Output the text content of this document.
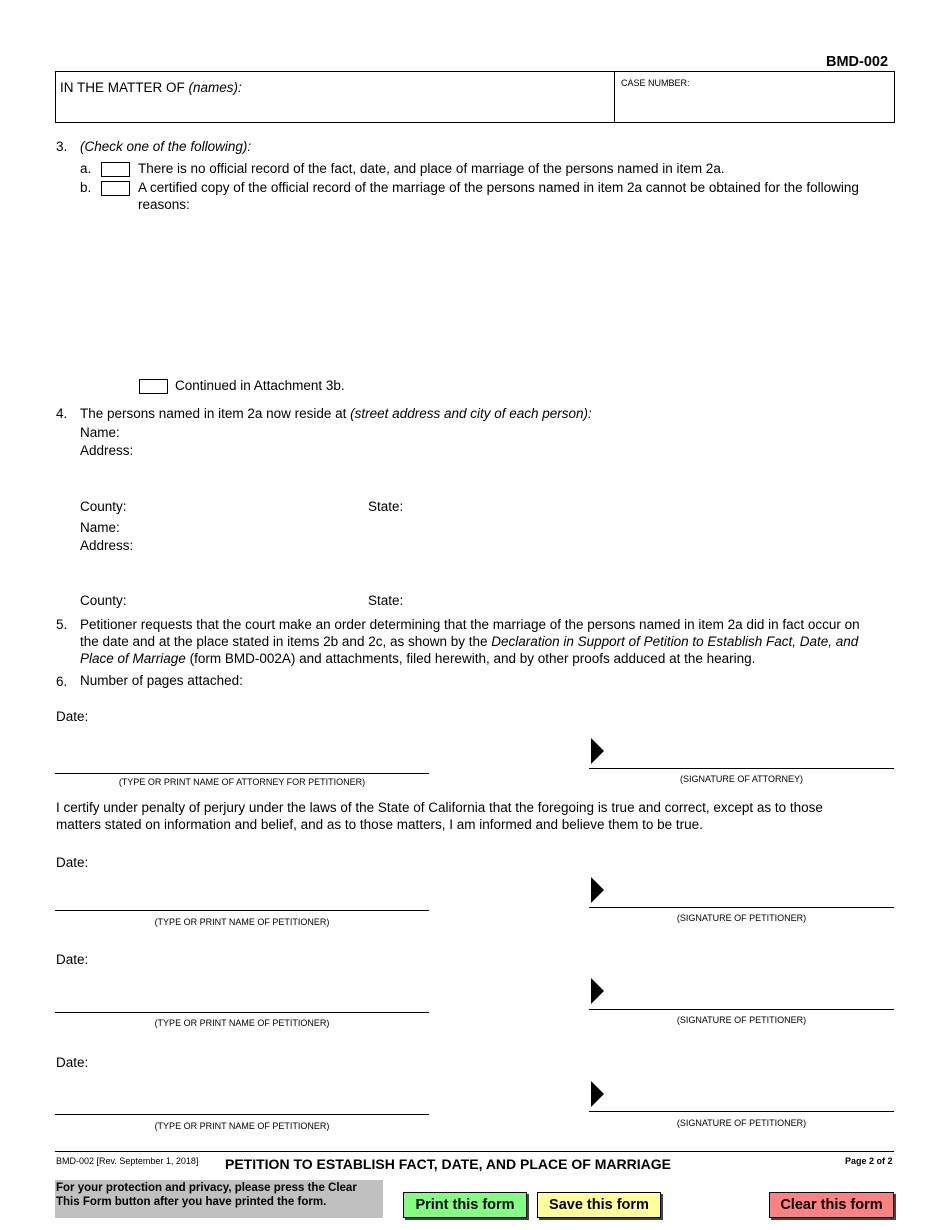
BMD-002
IN THE MATTER OF (names):	CASE NUMBER:
3. (Check one of the following):
a.	There is no official record of the fact, date, and place of marriage of the persons named in item 2a.
b.	A certified copy of the official record of the marriage of the persons named in item 2a cannot be obtained for the following
reasons:
Continued in Attachment 3b.
4. The persons named in item 2a now reside at (street address and city of each person):
Name:
Address:
County:	State:
Name:
Address:
County:	State:
5. Petitioner requests that the court make an order determining that the marriage of the persons named in item 2a did in fact occur on
the date and at the place stated in items 2b and 2c, as shown by the Declaration in Support of Petition to Establish Fact, Date, and
Place of Marriage (form BMD-002A) and attachments, filed herewith, and by other proofs adduced at the hearing.
6. Number of pages attached:
Date:
(TYPE OR PRINT NAME OF ATTORNEY FOR PETITIONER)	(SIGNATURE OF ATTORNEY)
I certify under penalty of perjury under the laws of the State of California that the foregoing is true and correct, except as to those
matters stated on information and belief, and as to those matters, I am informed and believe them to be true.
Date:
(TYPE OR PRINT NAME OF PETITIONER)	(SIGNATURE OF PETITIONER)
Date:
(TYPE OR PRINT NAME OF PETITIONER)	(SIGNATURE OF PETITIONER)
Date:
(TYPE OR PRINT NAME OF PETITIONER)	(SIGNATURE OF PETITIONER)
BMD-002 [Rev. September 1, 2018] PETITION TO ESTABLISH FACT, DATE, AND PLACE OF MARRIAGE	Page 2 of 2
For your protection and privacy, please press the Clear
This Form button after you have printed the form.	Print this form	Save this form	Clear this form
